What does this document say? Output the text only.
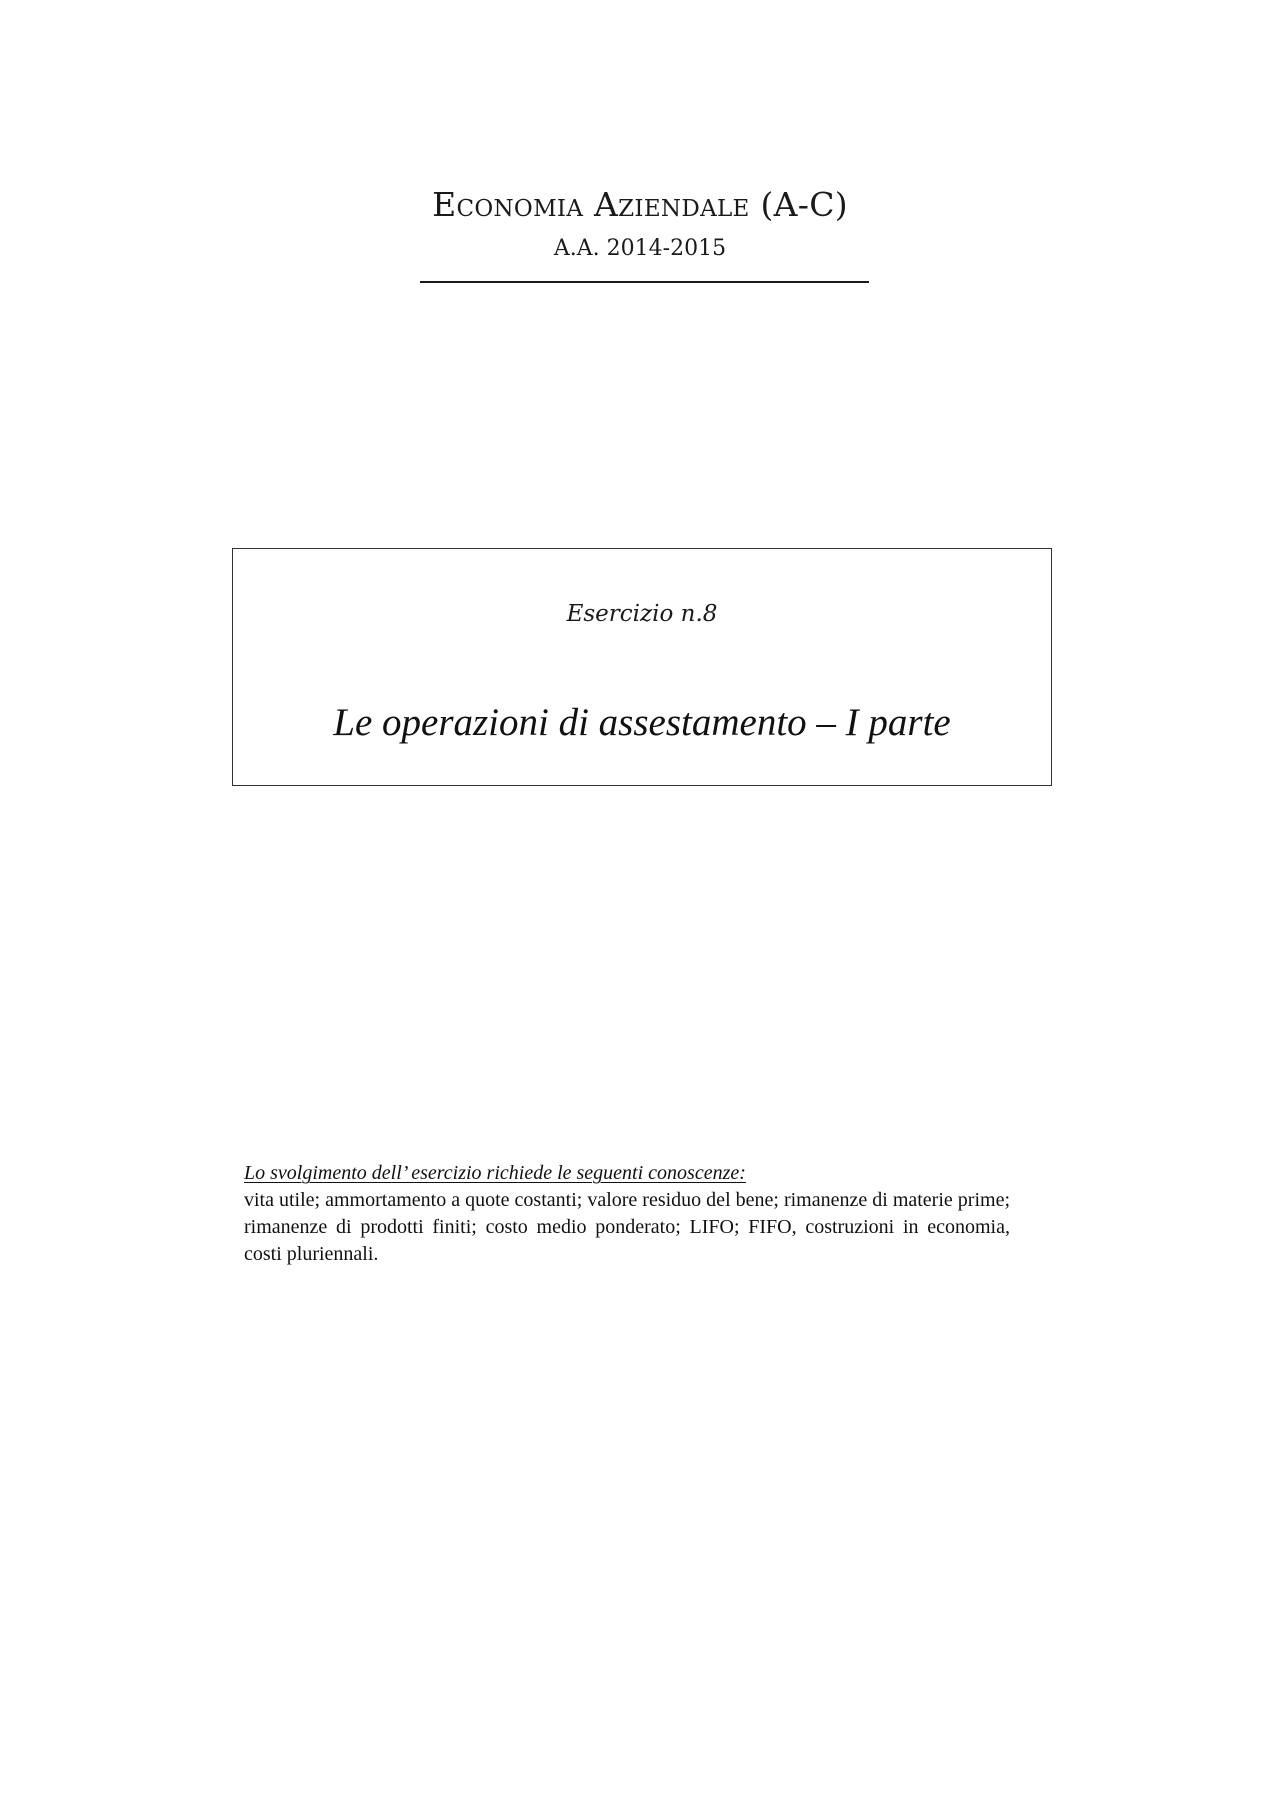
Economia Aziendale (A-C)
A.A. 2014-2015
Esercizio n.8
Le operazioni di assestamento – I parte
Lo svolgimento dell’ esercizio richiede le seguenti conoscenze:

vita utile; ammortamento a quote costanti; valore residuo del bene; rimanenze di materie prime; rimanenze di prodotti finiti; costo medio ponderato; LIFO; FIFO, costruzioni in economia, costi pluriennali.
